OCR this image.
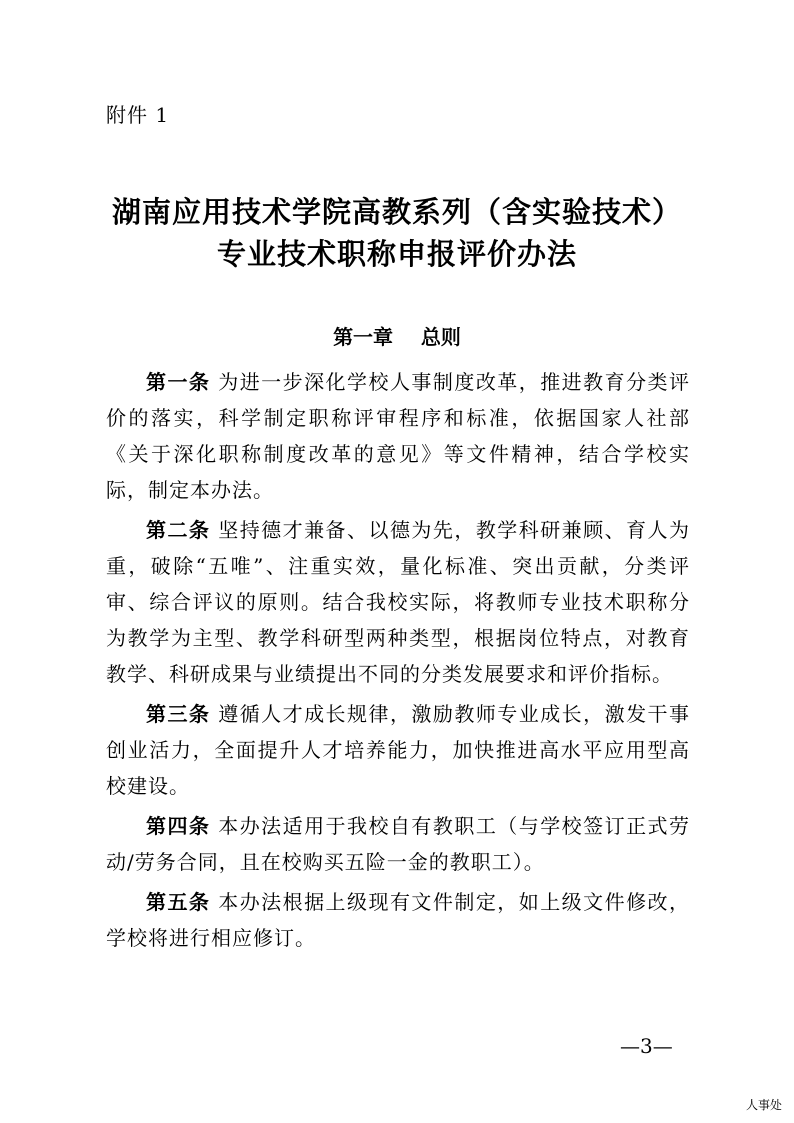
附件 1
湖南应用技术学院高教系列（含实验技术）
专业技术职称申报评价办法
第一章    总则

第一条 为进一步深化学校人事制度改革，推进教育分类评价的落实，科学制定职称评审程序和标准，依据国家人社部《关于深化职称制度改革的意见》等文件精神，结合学校实际，制定本办法。

第二条 坚持德才兼备、以德为先，教学科研兼顾、育人为重，破除“五唯”、注重实效，量化标准、突出贡献，分类评审、综合评议的原则。结合我校实际，将教师专业技术职称分为教学为主型、教学科研型两种类型，根据岗位特点，对教育教学、科研成果与业绩提出不同的分类发展要求和评价指标。

第三条 遵循人才成长规律，激励教师专业成长，激发干事创业活力，全面提升人才培养能力，加快推进高水平应用型高校建设。

第四条 本办法适用于我校自有教职工（与学校签订正式劳动/劳务合同，且在校购买五险一金的教职工）。

第五条 本办法根据上级现有文件制定，如上级文件修改，学校将进行相应修订。

—3—
人事处
